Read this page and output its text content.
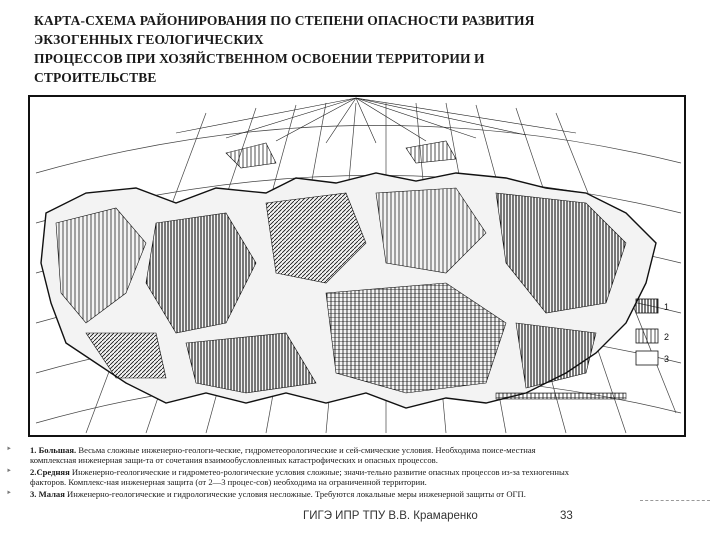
КАРТА-СХЕМА РАЙОНИРОВАНИЯ ПО СТЕПЕНИ ОПАСНОСТИ РАЗВИТИЯ
ЭКЗОГЕННЫХ ГЕОЛОГИЧЕСКИХ
ПРОЦЕССОВ ПРИ ХОЗЯЙСТВЕННОМ ОСВОЕНИИ ТЕРРИТОРИИ И
СТРОИТЕЛЬСТВЕ
1
2
3
‣ 1. Большая. Весьма сложные инженерно-геологи-ческие, гидрометеорологические и сей-смические условия. Необходима поисе-местная
комплексная инженерная защи-та от сочетания взаимообусловленных катастрофических и опасных процессов.
‣ 2.Средняя Инженерно-геологические и гидрометео-рологические условия сложные; значи-тельно развитие опасных процессов из-за техногенных
факторов. Комплекс-ная инженерная защита (от 2—3 процес-сов) необходима на ограниченной территории.
‣ 3. Малая Инженерно-геологические и гидрологические условия несложные. Требуются локальные меры инженерной защиты от ОГП.
ГИГЭ ИПР ТПУ В.В. Крамаренко	33
